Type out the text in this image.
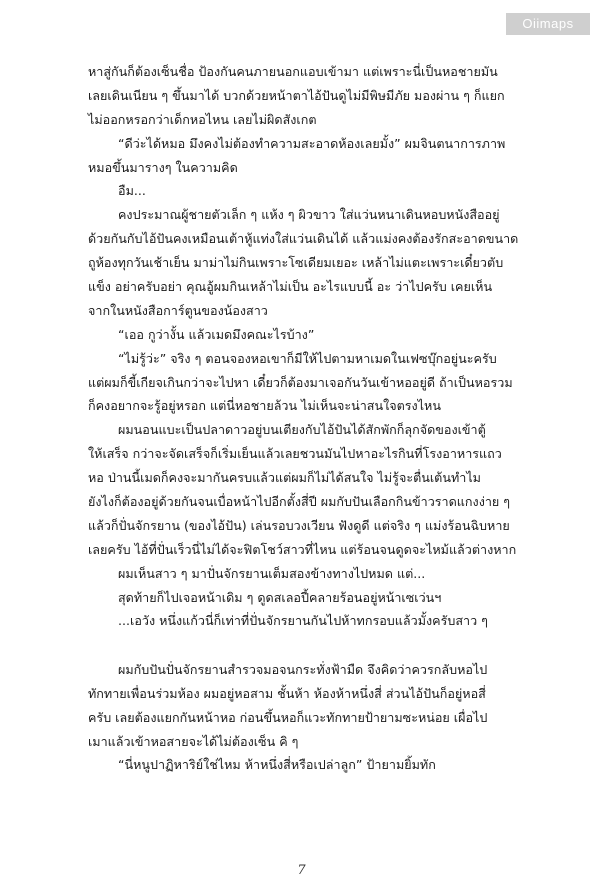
Oiimaps
หาสู่กันก็ต้องเซ็นชื่อ ป้องกันคนภายนอกแอบเข้ามา แต่เพราะนี่เป็นหอชายมัน
เลยเดินเนียน ๆ ขึ้นมาได้ บวกด้วยหน้าตาไอ้ปันดูไม่มีพิษมีภัย มองผ่าน ๆ ก็แยก
ไม่ออกหรอกว่าเด็กหอไหน เลยไม่ผิดสังเกต
“ดีว่ะได้หมอ มึงคงไม่ต้องทำความสะอาดห้องเลยมั้ง” ผมจินตนาการภาพ
หมอขึ้นมารางๆ ในความคิด
อืม...
คงประมาณผู้ชายตัวเล็ก ๆ แห้ง ๆ ผิวขาว ใส่แว่นหนาเดินหอบหนังสืออยู่
ด้วยกันกับไอ้ปันคงเหมือนเต้าหู้แท่งใส่แว่นเดินได้ แล้วแม่งคงต้องรักสะอาดขนาด
ถูห้องทุกวันเช้าเย็น มาม่าไม่กินเพราะโซเดียมเยอะ เหล้าไม่แตะเพราะเดี๋ยวตับ
แข็ง อย่าครับอย่า คุณอู้ผมกินเหล้าไม่เป็น อะไรแบบนี้ อะ ว่าไปครับ เคยเห็น
จากในหนังสือการ์ตูนของน้องสาว
“เออ กูว่างั้น แล้วเมดมึงคณะไรบ้าง”
“ไม่รู้ว่ะ” จริง ๆ ตอนจองหอเขาก็มีให้ไปตามหาเมดในเฟซบุ๊กอยู่นะครับ
แต่ผมก็ขี้เกียจเกินกว่าจะไปหา เดี๋ยวก็ต้องมาเจอกันวันเข้าหออยู่ดี ถ้าเป็นหอรวม
ก็คงอยากจะรู้อยู่หรอก แต่นี่หอชายล้วน ไม่เห็นจะน่าสนใจตรงไหน
ผมนอนแบะเป็นปลาดาวอยู่บนเตียงกับไอ้ปันได้สักพักก็ลุกจัดของเข้าตู้
ให้เสร็จ กว่าจะจัดเสร็จก็เริ่มเย็นแล้วเลยชวนมันไปหาอะไรกินที่โรงอาหารแถว
หอ ป่านนี้เมดก็คงจะมากันครบแล้วแต่ผมก็ไม่ได้สนใจ ไม่รู้จะตื่นเต้นทำไม
ยังไงก็ต้องอยู่ด้วยกันจนเบื่อหน้าไปอีกตั้งสี่ปี ผมกับปันเลือกกินข้าวราดแกงง่าย ๆ
แล้วก็ปั่นจักรยาน (ของไอ้ปัน) เล่นรอบวงเวียน ฟังดูดี แต่จริง ๆ แม่งร้อนฉิบหาย
เลยครับ ไอ้ที่ปั่นเร็วนี่ไม่ได้จะฟิตโชว์สาวที่ไหน แต่ร้อนจนดูดจะไหม้แล้วต่างหาก
ผมเห็นสาว ๆ มาปั่นจักรยานเต็มสองข้างทางไปหมด แต่...
สุดท้ายก็ไปเจอหน้าเดิม ๆ ดูดสเลอปี้คลายร้อนอยู่หน้าเซเว่นฯ
...เอวัง หนึ่งแก้วนี่ก็เท่าที่ปั่นจักรยานกันไปห้าทกรอบแล้วมั้งครับสาว ๆ
ผมกับปันปั่นจักรยานสำรวจมอจนกระทั่งฟ้ามืด จึงคิดว่าควรกลับหอไป
ทักทายเพื่อนร่วมห้อง ผมอยู่หอสาม ชั้นห้า ห้องห้าหนึ่งสี่ ส่วนไอ้ปันก็อยู่หอสี่
ครับ เลยต้องแยกกันหน้าหอ ก่อนขึ้นหอก็แวะทักทายป้ายามซะหน่อย เผื่อไป
เมาแล้วเข้าหอสายจะได้ไม่ต้องเซ็น คิ ๆ
“นี่หนูปาฏิหาริย์ใช่ไหม ห้าหนึ่งสี่หรือเปล่าลูก” ป้ายามยิ้มทัก
7
